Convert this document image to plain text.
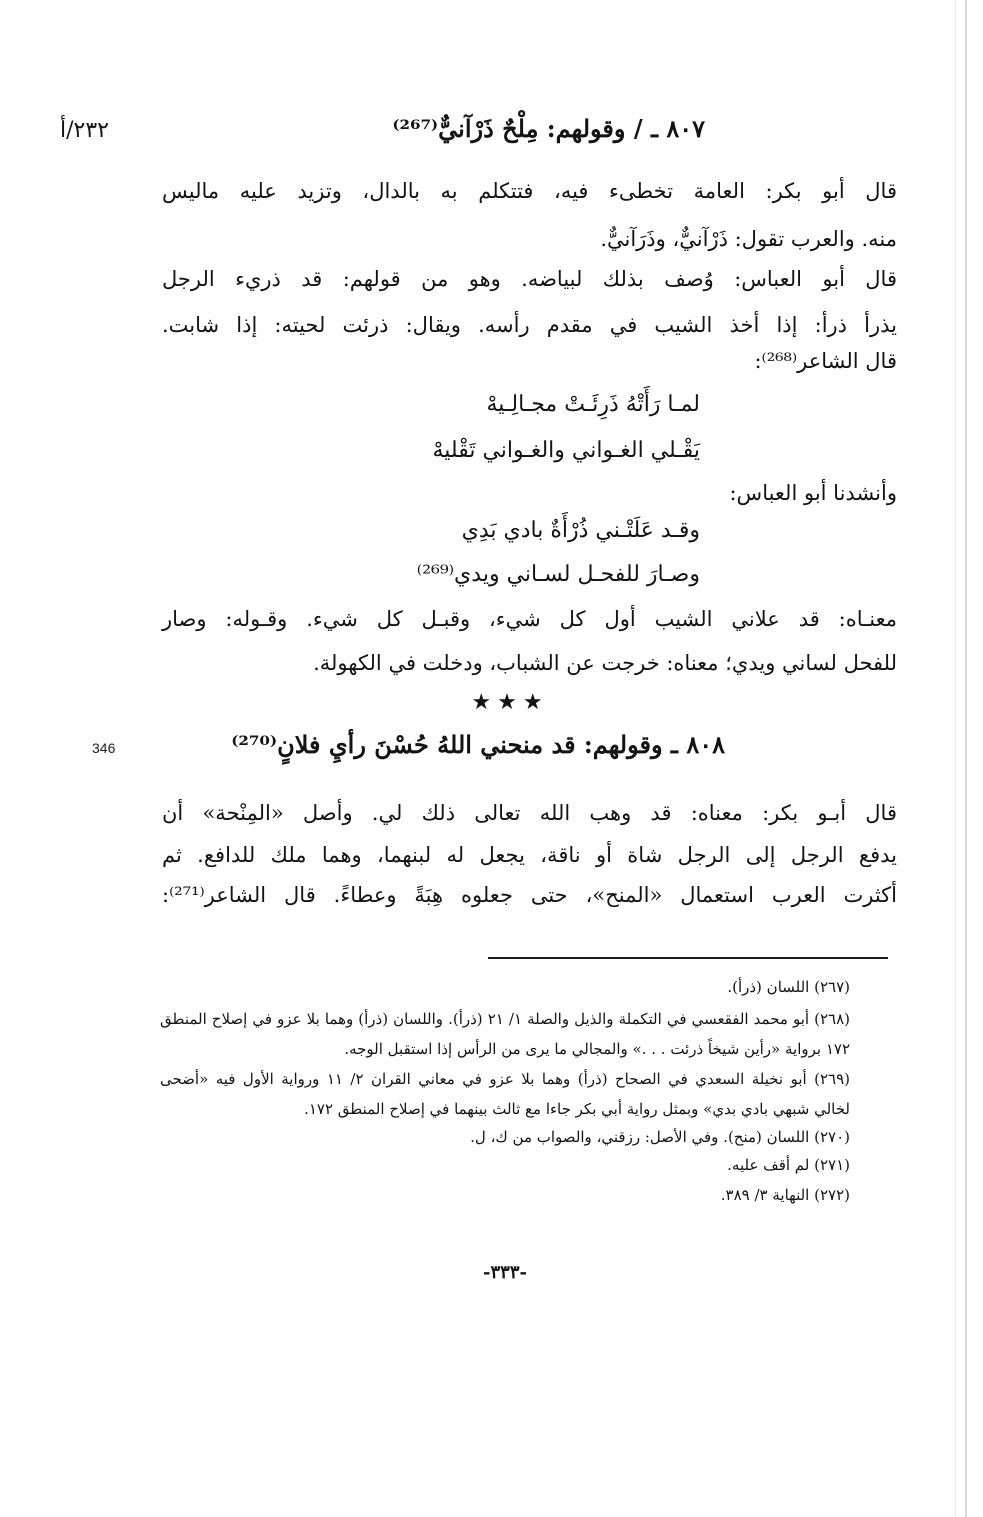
٢٣٢/أ
346
٨٠٧ ـ / وقولهم: مِلْحٌ ذَرْآنيٌّ⁽²⁶⁷⁾
قال أبو بكر: العامة تخطىء فيه، فتتكلم به بالدال، وتزيد عليه ماليس
منه. والعرب تقول: ذَرْآنيٌّ، وذَرَآنيٌّ.
قال أبو العباس: وُصف بذلك لبياضه. وهو من قولهم: قد ذريء الرجل
يذرأ ذرأ: إذا أخذ الشيب في مقدم رأسه. ويقال: ذرئت لحيته: إذا شابت.
قال الشاعر⁽²⁶⁸⁾:
لمـا رَأَتْهُ ذَرِئَـتْ مجـالِـيهْ
يَقْـلي الغـواني والغـواني تَقْليهْ
وأنشدنا أبو العباس:
وقـد عَلَتْـني ذُرْأَةٌ بادي بَدِي
وصـارَ للفحـل لسـاني ويدي⁽²⁶⁹⁾
معنـاه: قد علاني الشيب أول كل شيء، وقبـل كل شيء. وقـوله: وصار
للفحل لساني ويدي؛ معناه: خرجت عن الشباب، ودخلت في الكهولة.
★★★
٨٠٨ ـ وقولهم: قد منحني اللهُ حُسْنَ رأيِ فلانٍ⁽²⁷⁰⁾
قال أبـو بكر: معناه: قد وهب الله تعالى ذلك لي. وأصل «المِنْحة» أن
يدفع الرجل إلى الرجل شاة أو ناقة، يجعل له لبنهما، وهما ملك للدافع. ثم
أكثرت العرب استعمال «المنح»، حتى جعلوه هِبَةً وعطاءً. قال الشاعر⁽²⁷¹⁾:
(٢٦٧) اللسان (ذرأ).
(٢٦٨) أبو محمد الفقعسي في التكملة والذيل والصلة ١/ ٢١ (ذرأ). واللسان (ذرأ) وهما بلا عزو في إصلاح المنطق
١٧٢ برواية «رأين شيخاً ذرئت . . .» والمجالي ما يرى من الرأس إذا استقبل الوجه.
(٢٦٩) أبو نخيلة السعدي في الصحاح (ذرأ) وهما بلا عزو في معاني القران ٢/ ١١ ورواية الأول فيه «أضحى
لخالي شبهي بادي بدي» وبمثل رواية أبي بكر جاءا مع ثالث بينهما في إصلاح المنطق ١٧٢.
(٢٧٠) اللسان (منح). وفي الأصل: رزقني، والصواب من ك، ل.
(٢٧١) لم أقف عليه.
(٢٧٢) النهاية ٣/ ٣٨٩.
-٣٣٣-
